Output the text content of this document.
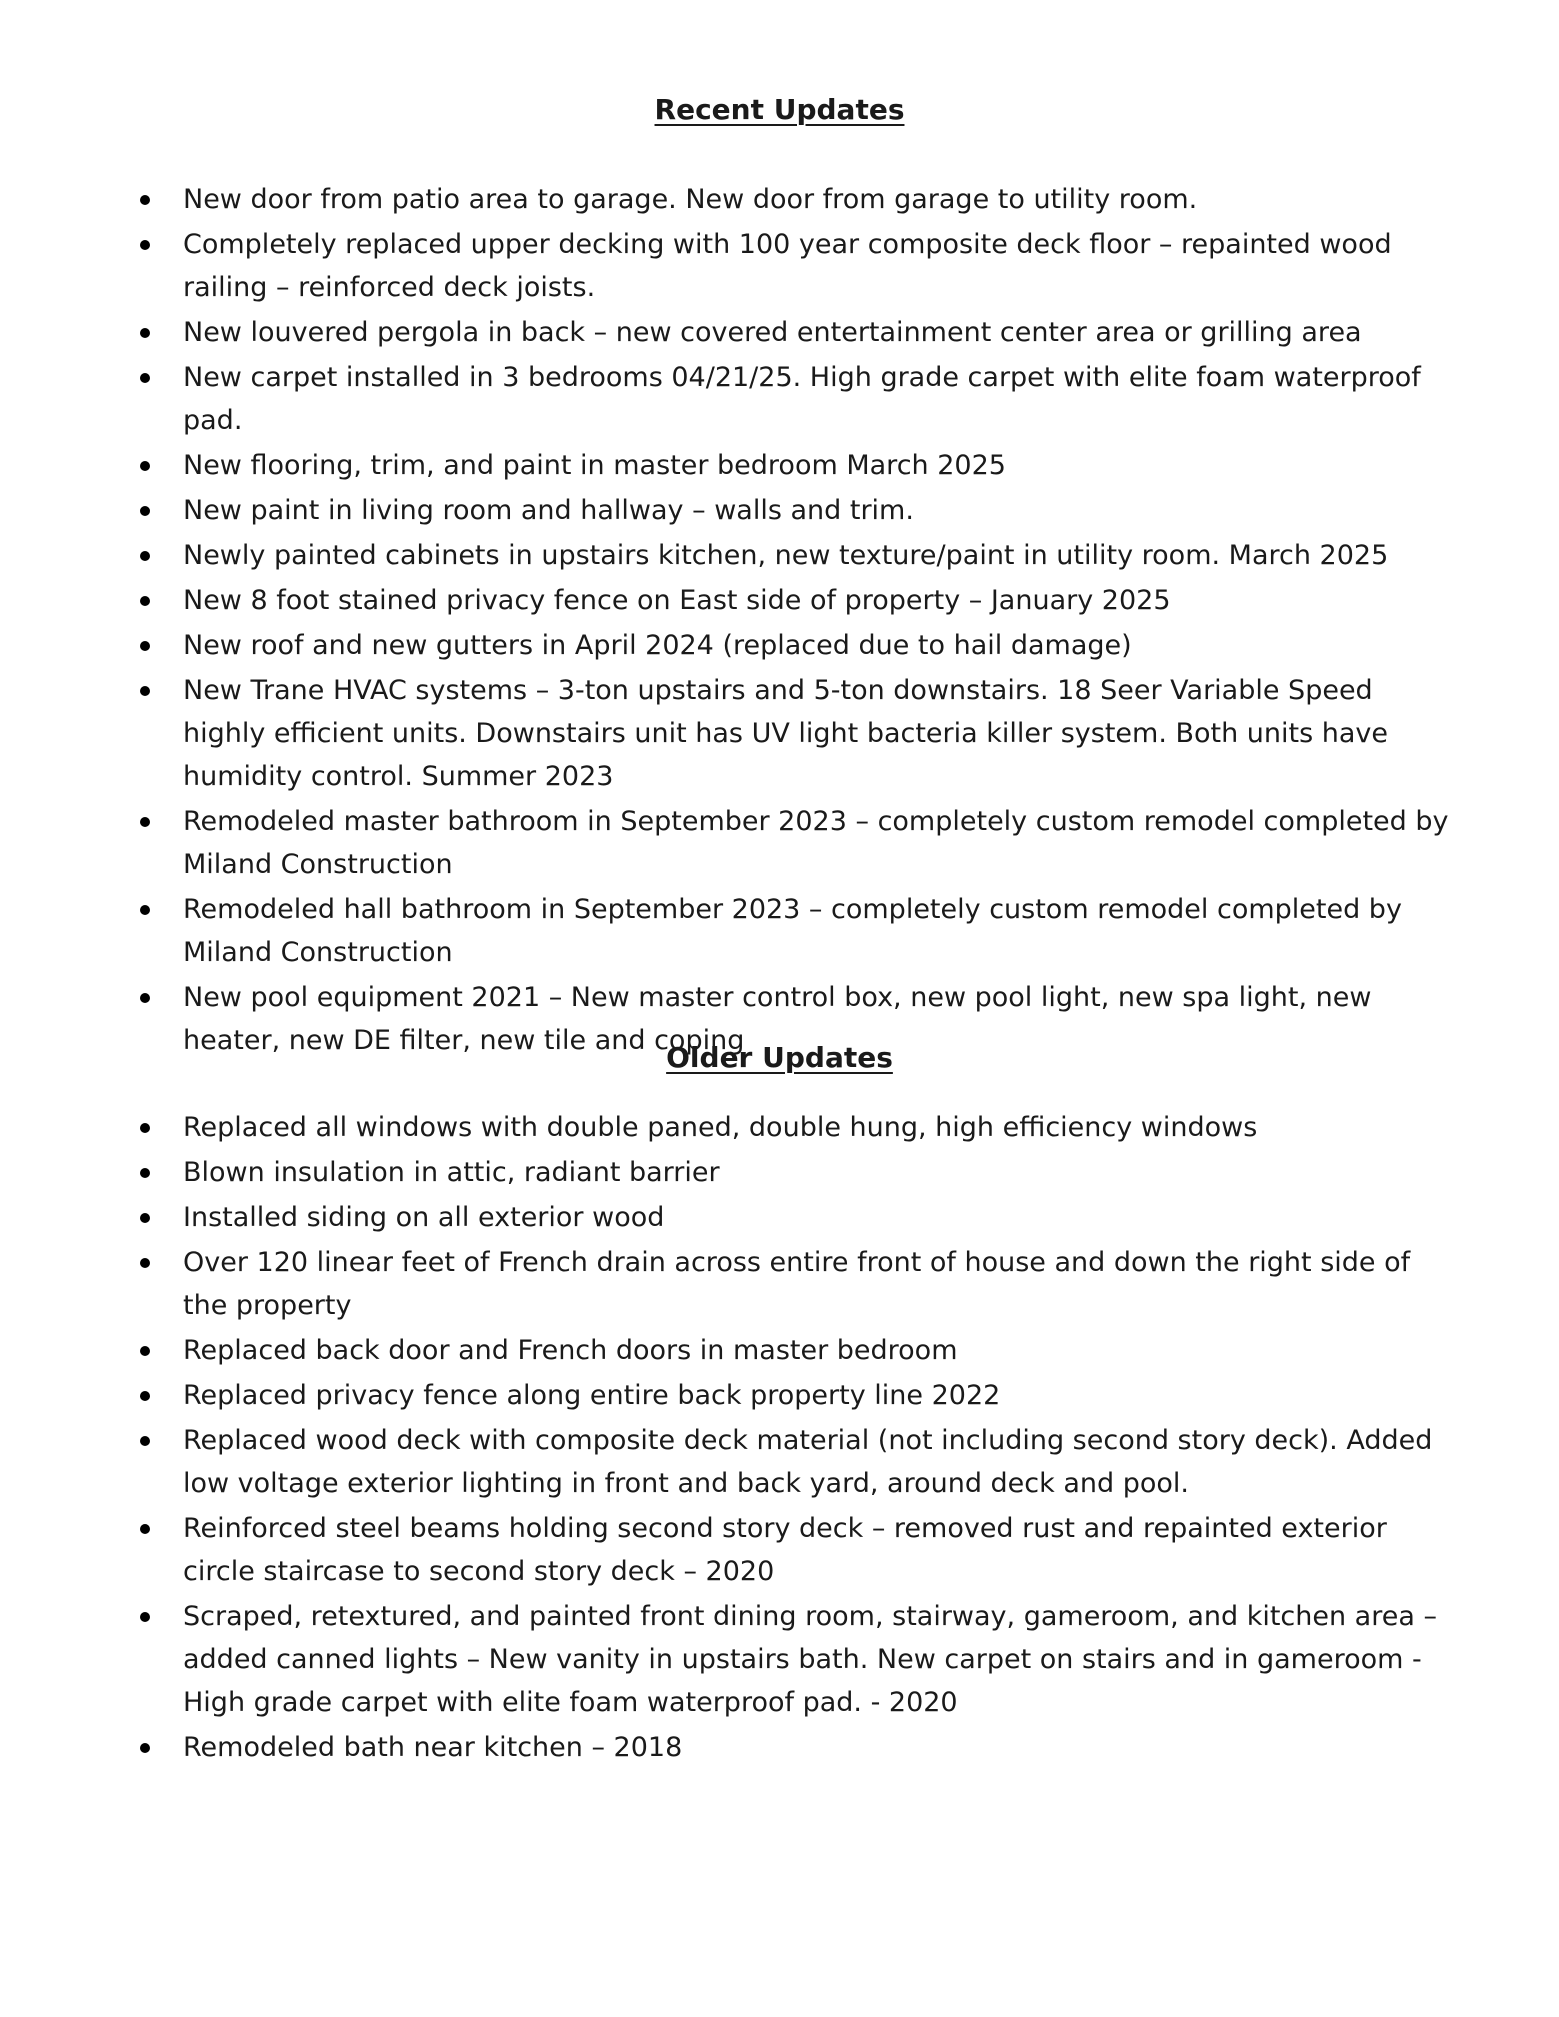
Recent Updates
New door from patio area to garage. New door from garage to utility room.
Completely replaced upper decking with 100 year composite deck floor – repainted wood railing – reinforced deck joists.
New louvered pergola in back – new covered entertainment center area or grilling area
New carpet installed in 3 bedrooms 04/21/25. High grade carpet with elite foam waterproof pad.
New flooring, trim, and paint in master bedroom March 2025
New paint in living room and hallway – walls and trim.
Newly painted cabinets in upstairs kitchen, new texture/paint in utility room. March 2025
New 8 foot stained privacy fence on East side of property – January 2025
New roof and new gutters in April 2024 (replaced due to hail damage)
New Trane HVAC systems – 3-ton upstairs and 5-ton downstairs. 18 Seer Variable Speed highly efficient units. Downstairs unit has UV light bacteria killer system. Both units have humidity control. Summer 2023
Remodeled master bathroom in September 2023 – completely custom remodel completed by Miland Construction
Remodeled hall bathroom in September 2023 – completely custom remodel completed by Miland Construction
New pool equipment 2021 – New master control box, new pool light, new spa light, new heater, new DE filter, new tile and coping
Older Updates
Replaced all windows with double paned, double hung, high efficiency windows
Blown insulation in attic, radiant barrier
Installed siding on all exterior wood
Over 120 linear feet of French drain across entire front of house and down the right side of the property
Replaced back door and French doors in master bedroom
Replaced privacy fence along entire back property line 2022
Replaced wood deck with composite deck material (not including second story deck). Added low voltage exterior lighting in front and back yard, around deck and pool.
Reinforced steel beams holding second story deck – removed rust and repainted exterior circle staircase to second story deck – 2020
Scraped, retextured, and painted front dining room, stairway, gameroom, and kitchen area – added canned lights – New vanity in upstairs bath. New carpet on stairs and in gameroom - High grade carpet with elite foam waterproof pad. - 2020
Remodeled bath near kitchen – 2018
